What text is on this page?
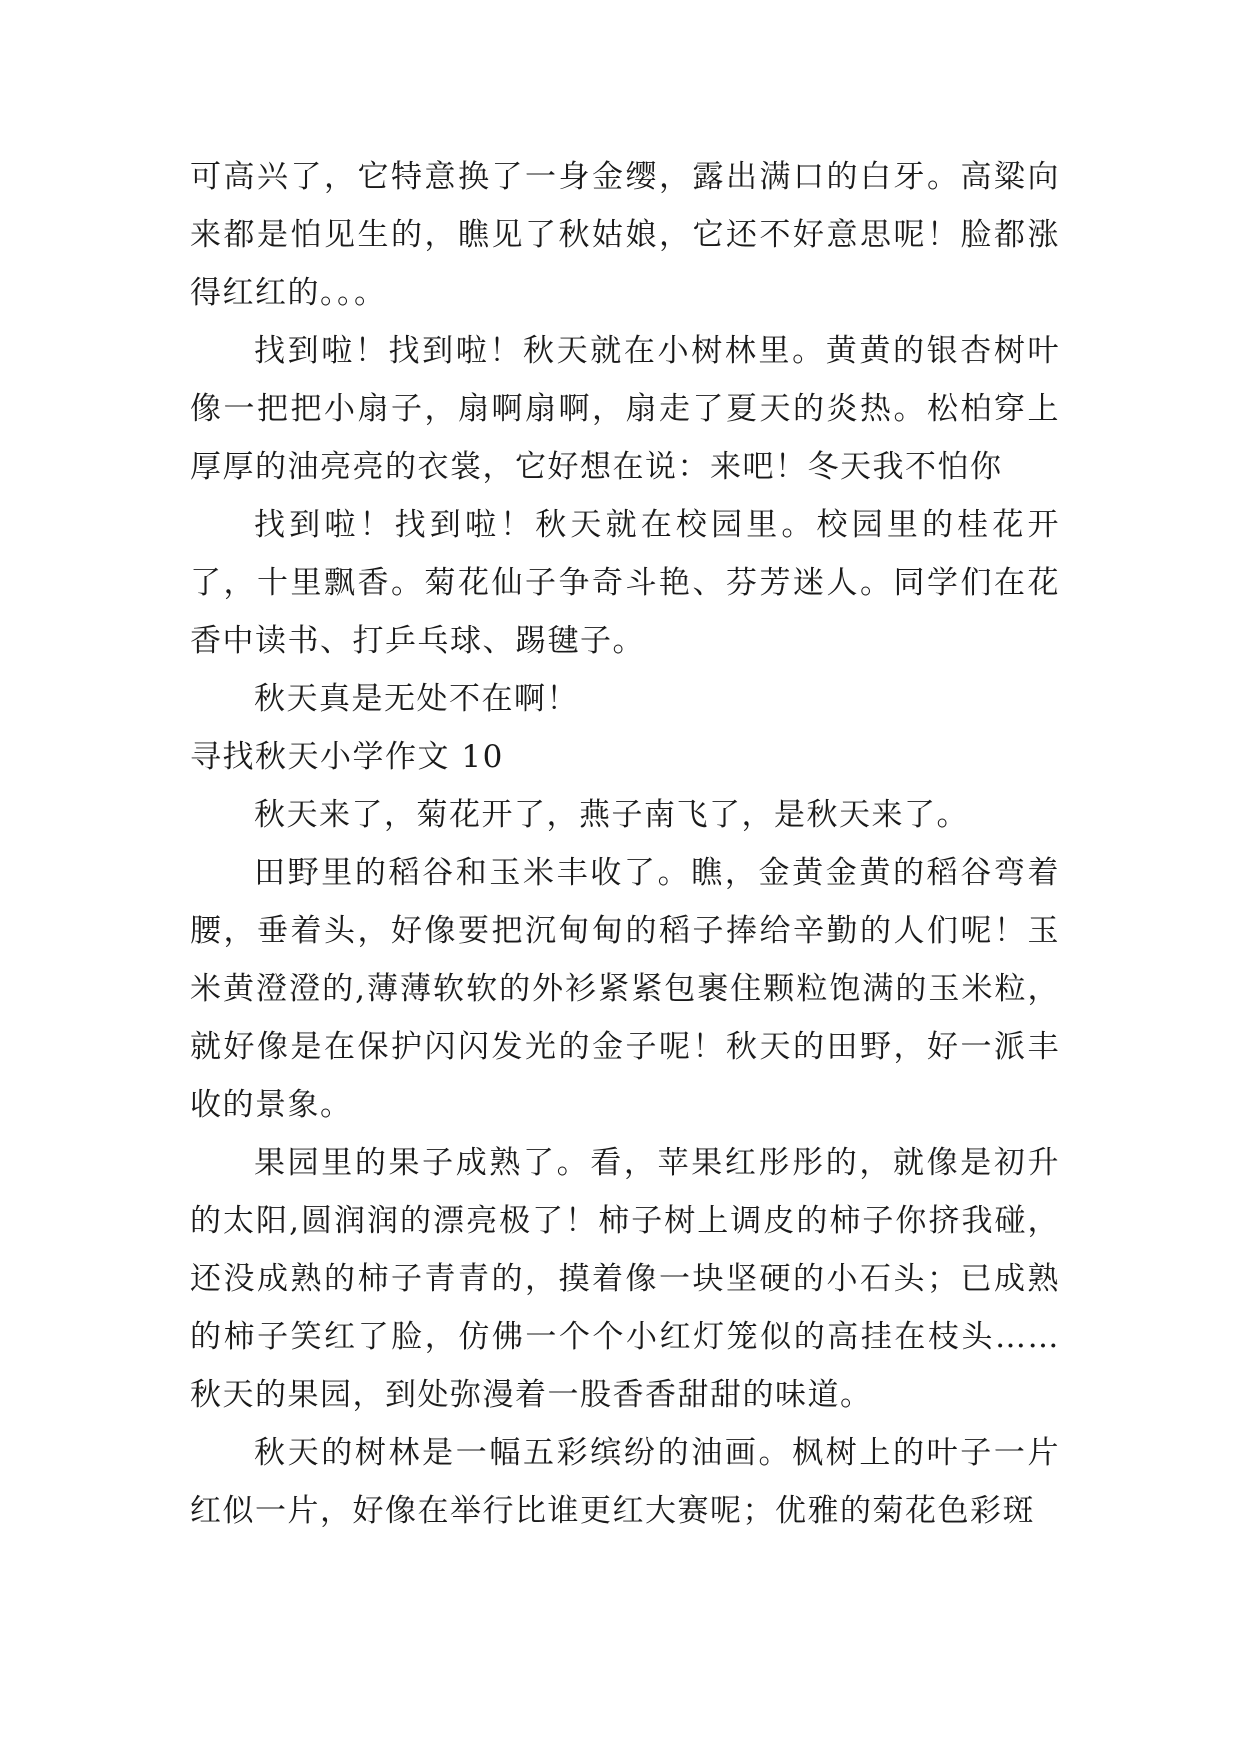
可高兴了，它特意换了一身金缨，露出满口的白牙。高粱向来都是怕见生的，瞧见了秋姑娘，它还不好意思呢！脸都涨得红红的。。。

找到啦！找到啦！秋天就在小树林里。黄黄的银杏树叶像一把把小扇子，扇啊扇啊，扇走了夏天的炎热。松柏穿上厚厚的油亮亮的衣裳，它好想在说：来吧！冬天我不怕你

找到啦！找到啦！秋天就在校园里。校园里的桂花开了，十里飘香。菊花仙子争奇斗艳、芬芳迷人。同学们在花香中读书、打乒乓球、踢毽子。

秋天真是无处不在啊！

寻找秋天小学作文 10

秋天来了，菊花开了，燕子南飞了，是秋天来了。

田野里的稻谷和玉米丰收了。瞧，金黄金黄的稻谷弯着腰，垂着头，好像要把沉甸甸的稻子捧给辛勤的人们呢！玉米黄澄澄的,薄薄软软的外衫紧紧包裹住颗粒饱满的玉米粒，就好像是在保护闪闪发光的金子呢！秋天的田野，好一派丰收的景象。

果园里的果子成熟了。看，苹果红彤彤的，就像是初升的太阳,圆润润的漂亮极了！柿子树上调皮的柿子你挤我碰，还没成熟的柿子青青的，摸着像一块坚硬的小石头；已成熟的柿子笑红了脸，仿佛一个个小红灯笼似的高挂在枝头……秋天的果园，到处弥漫着一股香香甜甜的味道。

秋天的树林是一幅五彩缤纷的油画。枫树上的叶子一片红似一片，好像在举行比谁更红大赛呢；优雅的菊花色彩斑
